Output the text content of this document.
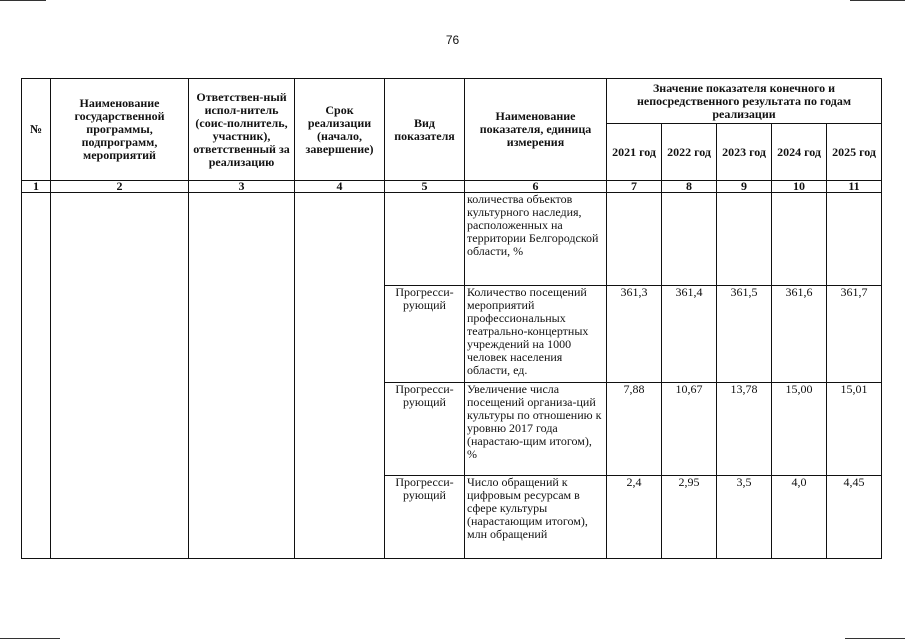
76
№	Наименование государственной программы, подпрограмм, мероприятий	Ответствен-ный испол-нитель (соис-полнитель, участник), ответственный за реализацию	Срок реализации (начало, завершение)	Вид показателя	Наименование показателя, единица измерения	Значение показателя конечного и непосредственного результата по годам реализации				
						2021 год	2022 год	2023 год	2024 год	2025 год
1	2	3	4	5	6	7	8	9	10	11
					количества объектов культурного наследия, расположенных на территории Белгородской области, %					
				Прогресси-рующий	Количество посещений мероприятий профессиональных театрально-концертных учреждений на 1000 человек населения области, ед.	361,3	361,4	361,5	361,6	361,7
				Прогресси-рующий	Увеличение числа посещений организа-ций культуры по отношению к уровню 2017 года (нарастаю-щим итогом), %	7,88	10,67	13,78	15,00	15,01
				Прогресси-рующий	Число обращений к цифровым ресурсам в сфере культуры (нарастающим итогом), млн обращений	2,4	2,95	3,5	4,0	4,45
